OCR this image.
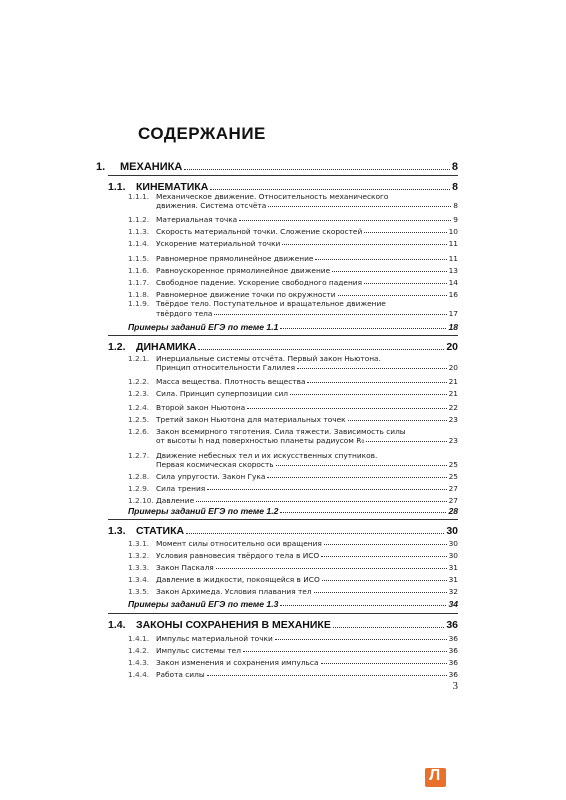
СОДЕРЖАНИЕ
1.	МЕХАНИКА	8
1.1. КИНЕМАТИКА	8
1.1.1. Механическое движение. Относительность механического
движения. Система отсчёта	8
1.1.2. Материальная точка	9
1.1.3. Скорость материальной точки. Сложение скоростей	10
1.1.4. Ускорение материальной точки	11
1.1.5. Равномерное прямолинейное движение	11
1.1.6. Равноускоренное прямолинейное движение	13
1.1.7. Свободное падение. Ускорение свободного падения	14
1.1.8. Равномерное движение точки по окружности	16
1.1.9. Твёрдое тело. Поступательное и вращательное движение
твёрдого тела	17
Примеры заданий ЕГЭ по теме 1.1	18
1.2. ДИНАМИКА	20
1.2.1. Инерциальные системы отсчёта. Первый закон Ньютона.
Принцип относительности Галилея	20
1.2.2. Масса вещества. Плотность вещества	21
1.2.3. Сила. Принцип суперпозиции сил	21
1.2.4. Второй закон Ньютона	22
1.2.5. Третий закон Ньютона для материальных точек	23
1.2.6. Закон всемирного тяготения. Сила тяжести. Зависимость силы
от высоты h над поверхностью планеты радиусом R₀	23
1.2.7. Движение небесных тел и их искусственных спутников.
Первая космическая скорость	25
1.2.8. Сила упругости. Закон Гука	25
1.2.9. Сила трения	27
1.2.10. Давление	27
Примеры заданий ЕГЭ по теме 1.2	28
1.3. СТАТИКА	30
1.3.1. Момент силы относительно оси вращения	30
1.3.2. Условия равновесия твёрдого тела в ИСО	30
1.3.3. Закон Паскаля	31
1.3.4. Давление в жидкости, покоящейся в ИСО	31
1.3.5. Закон Архимеда. Условия плавания тел	32
Примеры заданий ЕГЭ по теме 1.3	34
1.4. ЗАКОНЫ СОХРАНЕНИЯ В МЕХАНИКЕ	36
1.4.1. Импульс материальной точки	36
1.4.2. Импульс системы тел	36
1.4.3. Закон изменения и сохранения импульса	36
1.4.4. Работа силы	36
3
Л
